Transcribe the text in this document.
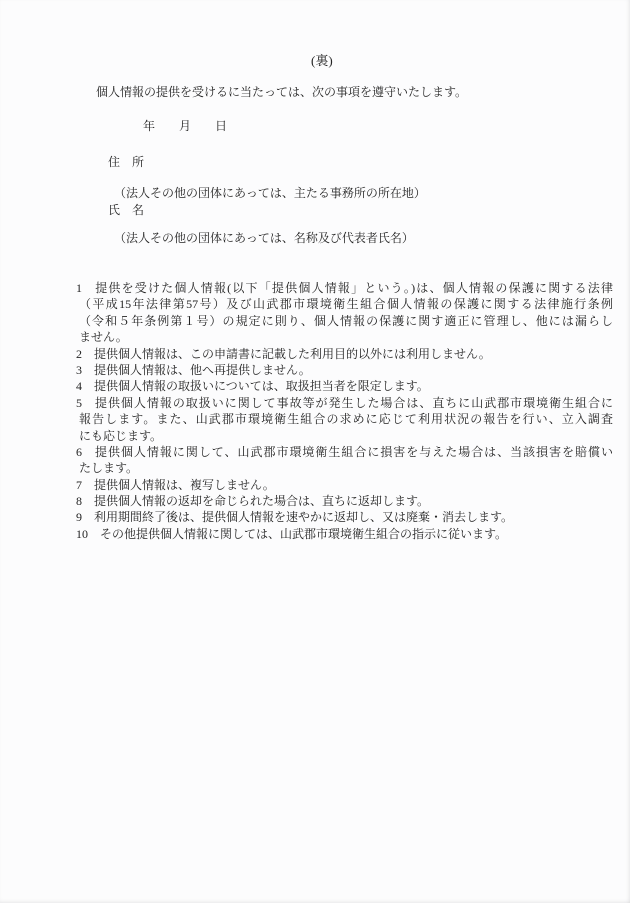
(裏)
個人情報の提供を受けるに当たっては、次の事項を遵守いたします。
年　　月　　日
住　所
（法人その他の団体にあっては、主たる事務所の所在地）
氏　名
（法人その他の団体にあっては、名称及び代表者氏名）
1 提供を受けた個人情報(以下「提供個人情報」という。)は、個人情報の保護に関する法律
（平成15年法律第57号）及び山武郡市環境衛生組合個人情報の保護に関する法律施行条例
（令和５年条例第１号）の規定に則り、個人情報の保護に関す適正に管理し、他には漏らし
ません。
2 提供個人情報は、この申請書に記載した利用目的以外には利用しません。
3 提供個人情報は、他へ再提供しません。
4 提供個人情報の取扱いについては、取扱担当者を限定します。
5 提供個人情報の取扱いに関して事故等が発生した場合は、直ちに山武郡市環境衛生組合に
報告します。また、山武郡市環境衛生組合の求めに応じて利用状況の報告を行い、立入調査
にも応じます。
6 提供個人情報に関して、山武郡市環境衛生組合に損害を与えた場合は、当該損害を賠償い
たします。
7 提供個人情報は、複写しません。
8 提供個人情報の返却を命じられた場合は、直ちに返却します。
9 利用期間終了後は、提供個人情報を速やかに返却し、又は廃棄・消去します。
10 その他提供個人情報に関しては、山武郡市環境衛生組合の指示に従います。
